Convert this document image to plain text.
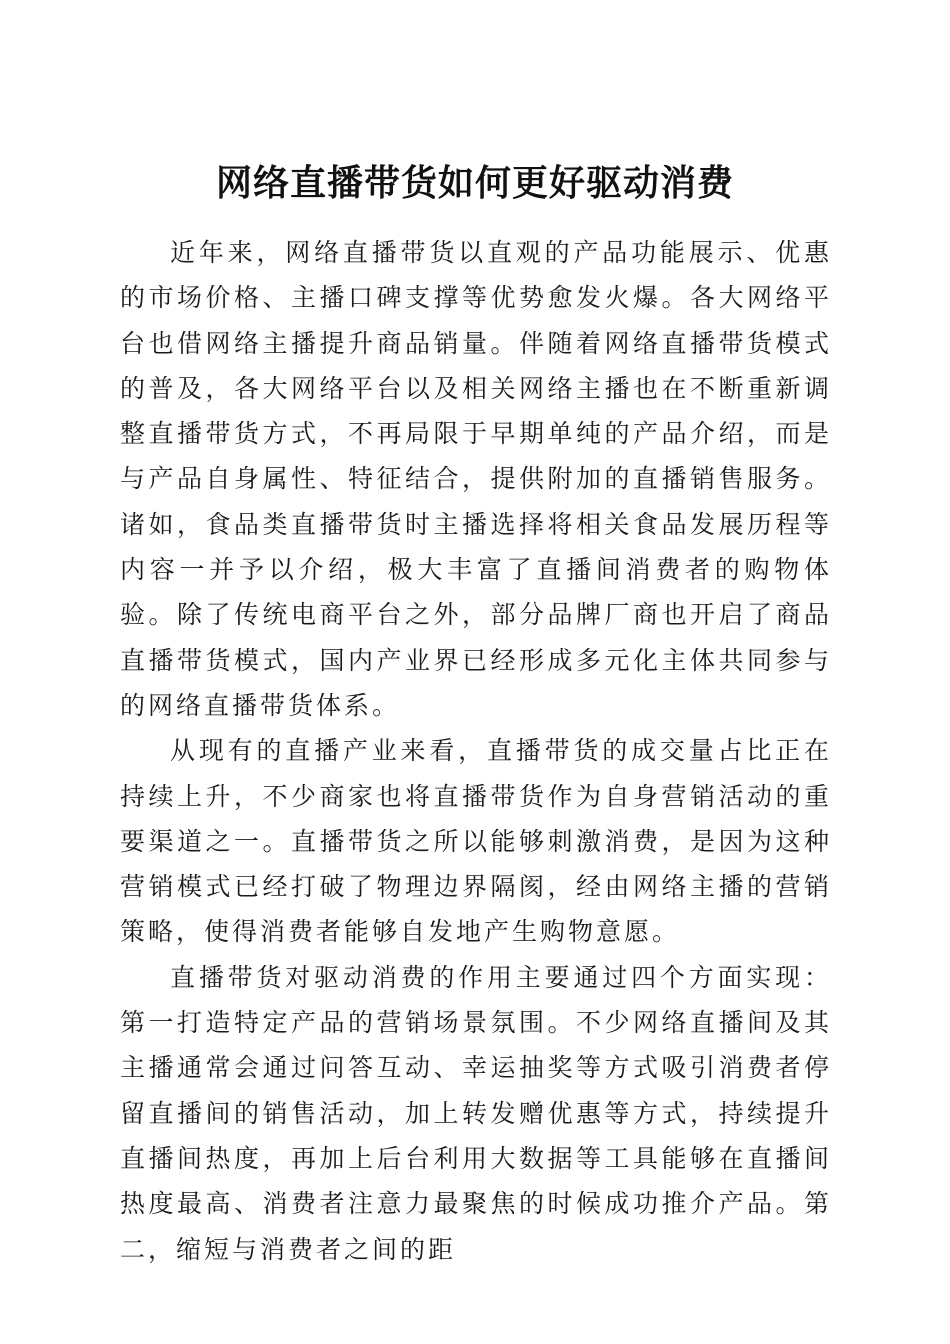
网络直播带货如何更好驱动消费

近年来，网络直播带货以直观的产品功能展示、优惠的市场价格、主播口碑支撑等优势愈发火爆。各大网络平台也借网络主播提升商品销量。伴随着网络直播带货模式的普及，各大网络平台以及相关网络主播也在不断重新调整直播带货方式，不再局限于早期单纯的产品介绍，而是与产品自身属性、特征结合，提供附加的直播销售服务。诸如，食品类直播带货时主播选择将相关食品发展历程等内容一并予以介绍，极大丰富了直播间消费者的购物体验。除了传统电商平台之外，部分品牌厂商也开启了商品直播带货模式，国内产业界已经形成多元化主体共同参与的网络直播带货体系。

从现有的直播产业来看，直播带货的成交量占比正在持续上升，不少商家也将直播带货作为自身营销活动的重要渠道之一。直播带货之所以能够刺激消费，是因为这种营销模式已经打破了物理边界隔阂，经由网络主播的营销策略，使得消费者能够自发地产生购物意愿。

直播带货对驱动消费的作用主要通过四个方面实现：第一打造特定产品的营销场景氛围。不少网络直播间及其主播通常会通过问答互动、幸运抽奖等方式吸引消费者停留直播间的销售活动，加上转发赠优惠等方式，持续提升直播间热度，再加上后台利用大数据等工具能够在直播间热度最高、消费者注意力最聚焦的时候成功推介产品。第二，缩短与消费者之间的距
